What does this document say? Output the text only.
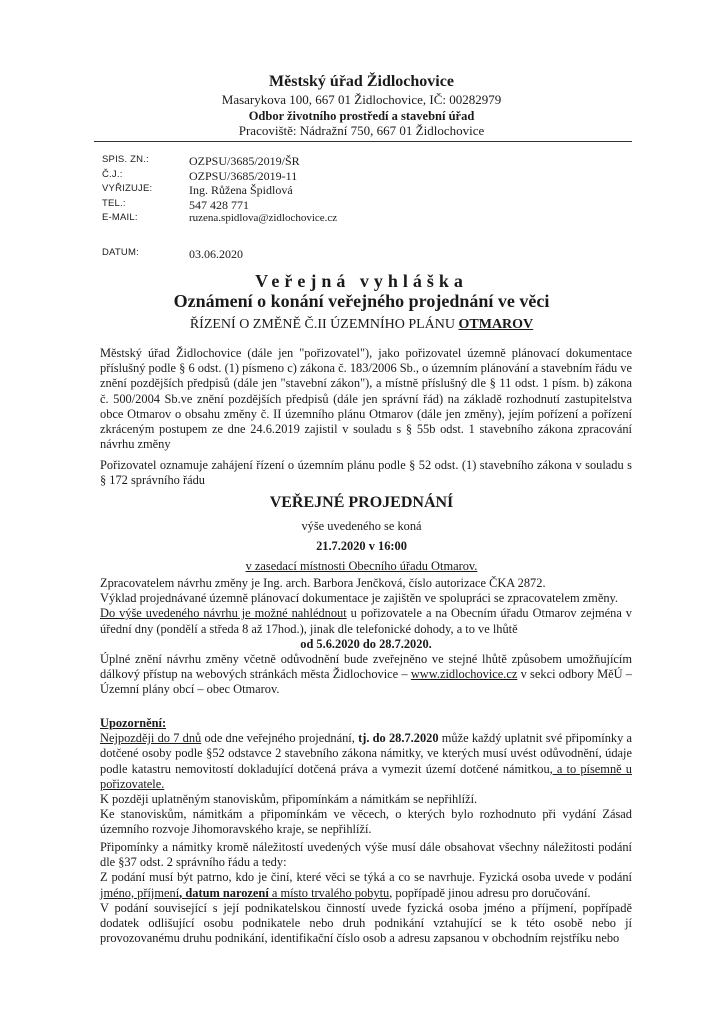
Městský úřad Židlochovice
Masarykova 100, 667 01 Židlochovice, IČ: 00282979
Odbor životního prostředí a stavební úřad
Pracoviště: Nádražní 750, 667 01 Židlochovice
SPIS. ZN.:	OZPSU/3685/2019/ŠR
Č.J.:	OZPSU/3685/2019-11
VYŘIZUJE:	Ing. Růžena Špidlová
TEL.:	547 428 771
E-MAIL:	ruzena.spidlova@zidlochovice.cz
DATUM:	03.06.2020
Veřejná vyhláška
Oznámení o konání veřejného projednání ve věci
ŘÍZENÍ O ZMĚNĚ Č.II ÚZEMNÍHO PLÁNU OTMAROV
Městský úřad Židlochovice (dále jen "pořizovatel"), jako pořizovatel územně plánovací dokumentace příslušný podle § 6 odst. (1) písmeno c) zákona č. 183/2006 Sb., o územním plánování a stavebním řádu ve znění pozdějších předpisů (dále jen "stavební zákon"), a místně příslušný dle § 11 odst. 1 písm. b) zákona č. 500/2004 Sb.ve znění pozdějších předpisů (dále jen správní řád) na základě rozhodnutí zastupitelstva obce Otmarov o obsahu změny č. II územního plánu Otmarov (dále jen změny), jejím pořízení a pořízení zkráceným postupem ze dne 24.6.2019 zajistil v souladu s § 55b odst. 1 stavebního zákona zpracování návrhu změny
Pořizovatel oznamuje zahájení řízení o územním plánu podle § 52 odst. (1) stavebního zákona v souladu s § 172 správního řádu
VEŘEJNÉ PROJEDNÁNÍ
výše uvedeného se koná
21.7.2020 v 16:00
v zasedací místnosti Obecního úřadu Otmarov.
Zpracovatelem návrhu změny je Ing. arch. Barbora Jenčková, číslo autorizace ČKA 2872.
Výklad projednávané územně plánovací dokumentace je zajištěn ve spolupráci se zpracovatelem změny.
Do výše uvedeného návrhu je možné nahlédnout u pořizovatele a na Obecním úřadu Otmarov zejména v úřední dny (pondělí a středa 8 až 17hod.), jinak dle telefonické dohody, a to ve lhůtě
od 5.6.2020 do 28.7.2020.
Úplné znění návrhu změny včetně odůvodnění bude zveřejněno ve stejné lhůtě způsobem umožňujícím dálkový přístup na webových stránkách města Židlochovice – www.zidlochovice.cz v sekci odbory MěÚ – Územní plány obcí – obec Otmarov.
Upozornění:
Nejpozději do 7 dnů ode dne veřejného projednání, tj. do 28.7.2020 může každý uplatnit své připomínky a dotčené osoby podle §52 odstavce 2 stavebního zákona námitky, ve kterých musí uvést odůvodnění, údaje podle katastru nemovitostí dokladující dotčená práva a vymezit území dotčené námitkou, a to písemně u pořizovatele.
K později uplatněným stanoviskům, připomínkám a námitkám se nepřihlíží.
Ke stanoviskům, námitkám a připomínkám ve věcech, o kterých bylo rozhodnuto při vydání Zásad územního rozvoje Jihomoravského kraje, se nepřihlíží.
Připomínky a námitky kromě náležitostí uvedených výše musí dále obsahovat všechny náležitosti podání dle §37 odst. 2 správního řádu a tedy:
Z podání musí být patrno, kdo je činí, které věci se týká a co se navrhuje. Fyzická osoba uvede v podání jméno, příjmení, datum narození a místo trvalého pobytu, popřípadě jinou adresu pro doručování.
V podání související s její podnikatelskou činností uvede fyzická osoba jméno a příjmení, popřípadě dodatek odlišující osobu podnikatele nebo druh podnikání vztahující se k této osobě nebo jí provozovanému druhu podnikání, identifikační číslo osob a adresu zapsanou v obchodním rejstříku nebo
